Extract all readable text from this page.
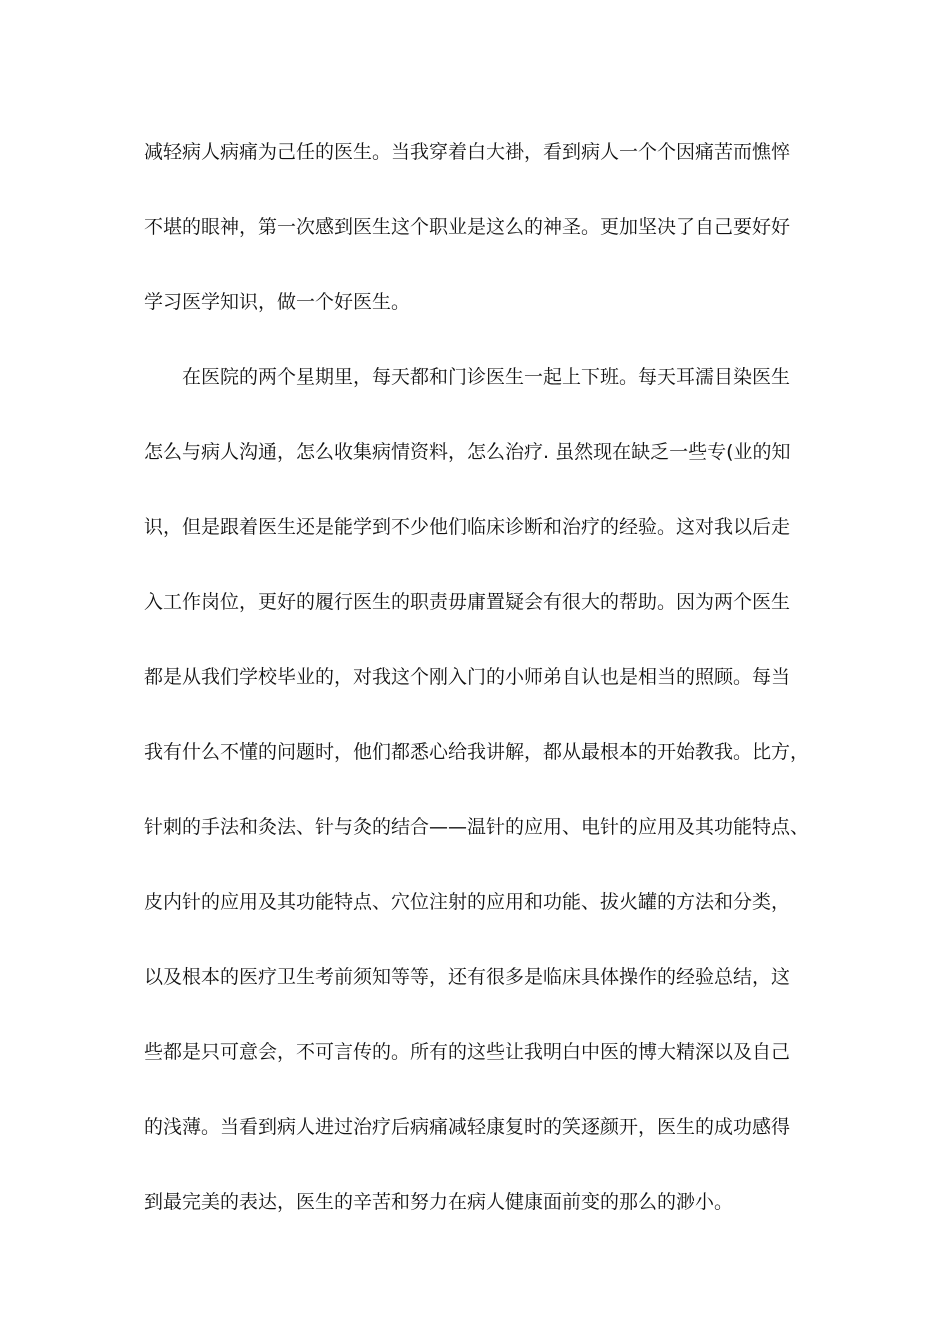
减轻病人病痛为己任的医生。当我穿着白大褂，看到病人一个个因痛苦而憔悴
不堪的眼神，第一次感到医生这个职业是这么的神圣。更加坚决了自己要好好
学习医学知识，做一个好医生。
在医院的两个星期里，每天都和门诊医生一起上下班。每天耳濡目染医生
怎么与病人沟通，怎么收集病情资料，怎么治疗. 虽然现在缺乏一些专(业的知
识，但是跟着医生还是能学到不少他们临床诊断和治疗的经验。这对我以后走
入工作岗位，更好的履行医生的职责毋庸置疑会有很大的帮助。因为两个医生
都是从我们学校毕业的，对我这个刚入门的小师弟自认也是相当的照顾。每当
我有什么不懂的问题时，他们都悉心给我讲解，都从最根本的开始教我。比方，
针刺的手法和灸法、针与灸的结合——温针的应用、电针的应用及其功能特点、
皮内针的应用及其功能特点、穴位注射的应用和功能、拔火罐的方法和分类，
以及根本的医疗卫生考前须知等等，还有很多是临床具体操作的经验总结，这
些都是只可意会，不可言传的。所有的这些让我明白中医的博大精深以及自己
的浅薄。当看到病人进过治疗后病痛减轻康复时的笑逐颜开，医生的成功感得
到最完美的表达，医生的辛苦和努力在病人健康面前变的那么的渺小。
